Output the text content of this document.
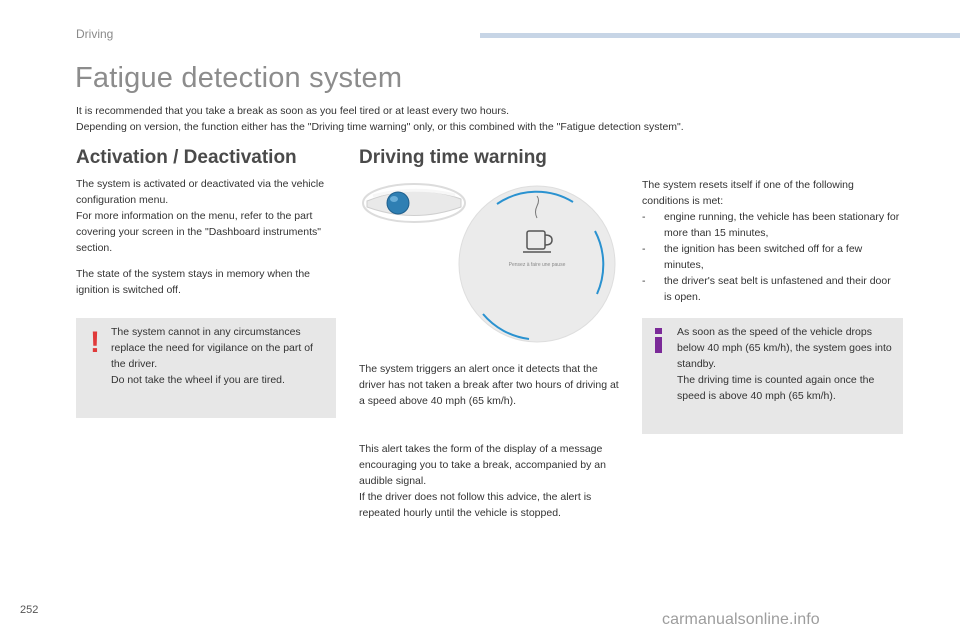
Driving
Fatigue detection system

It is recommended that you take a break as soon as you feel tired or at least every two hours.

Depending on version, the function either has the "Driving time warning" only, or this combined with the "Fatigue detection system".

Activation / Deactivation

The system is activated or deactivated via the vehicle configuration menu.

For more information on the menu, refer to the part covering your screen in the "Dashboard instruments" section.

The state of the system stays in memory when the ignition is switched off.

! The system cannot in any circumstances replace the need for vigilance on the part of the driver.

Do not take the wheel if you are tired.

Driving time warning
Pensez à faire une pause
The system triggers an alert once it detects that the driver has not taken a break after two hours of driving at a speed above 40 mph (65 km/h).

This alert takes the form of the display of a message encouraging you to take a break, accompanied by an audible signal.

If the driver does not follow this advice, the alert is repeated hourly until the vehicle is stopped.

The system resets itself if one of the following conditions is met:

- engine running, the vehicle has been stationary for more than 15 minutes,
- the ignition has been switched off for a few minutes,
- the driver's seat belt is unfastened and their door is open.

As soon as the speed of the vehicle drops below 40 mph (65 km/h), the system goes into standby.

The driving time is counted again once the speed is above 40 mph (65 km/h).

252
carmanualsonline.info
